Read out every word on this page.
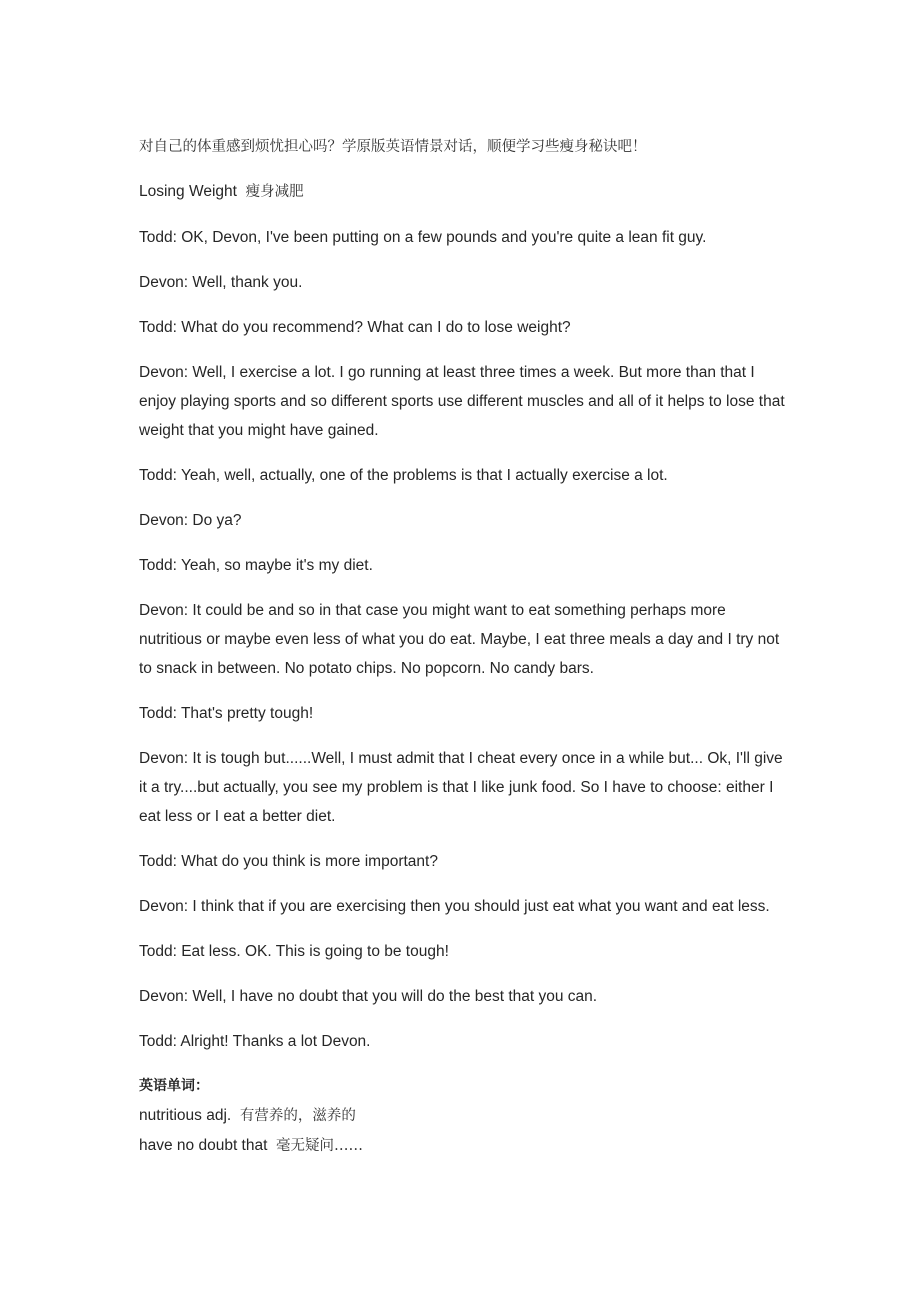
对自己的体重感到烦忧担心吗？学原版英语情景对话，顺便学习些瘦身秘诀吧！

Losing Weight 瘦身减肥

Todd: OK, Devon, I've been putting on a few pounds and you're quite a lean fit guy.

Devon: Well, thank you.

Todd: What do you recommend? What can I do to lose weight?

Devon: Well, I exercise a lot. I go running at least three times a week. But more than that I enjoy playing sports and so different sports use different muscles and all of it helps to lose that weight that you might have gained.

Todd: Yeah, well, actually, one of the problems is that I actually exercise a lot.

Devon: Do ya?

Todd: Yeah, so maybe it's my diet.

Devon: It could be and so in that case you might want to eat something perhaps more nutritious or maybe even less of what you do eat. Maybe, I eat three meals a day and I try not to snack in between. No potato chips. No popcorn. No candy bars.

Todd: That's pretty tough!

Devon: It is tough but......Well, I must admit that I cheat every once in a while but... Ok, I'll give it a try....but actually, you see my problem is that I like junk food. So I have to choose: either I eat less or I eat a better diet.

Todd: What do you think is more important?

Devon: I think that if you are exercising then you should just eat what you want and eat less.

Todd: Eat less. OK. This is going to be tough!

Devon: Well, I have no doubt that you will do the best that you can.

Todd: Alright! Thanks a lot Devon.

英语单词：

nutritious adj. 有营养的，滋养的

have no doubt that 毫无疑问……
